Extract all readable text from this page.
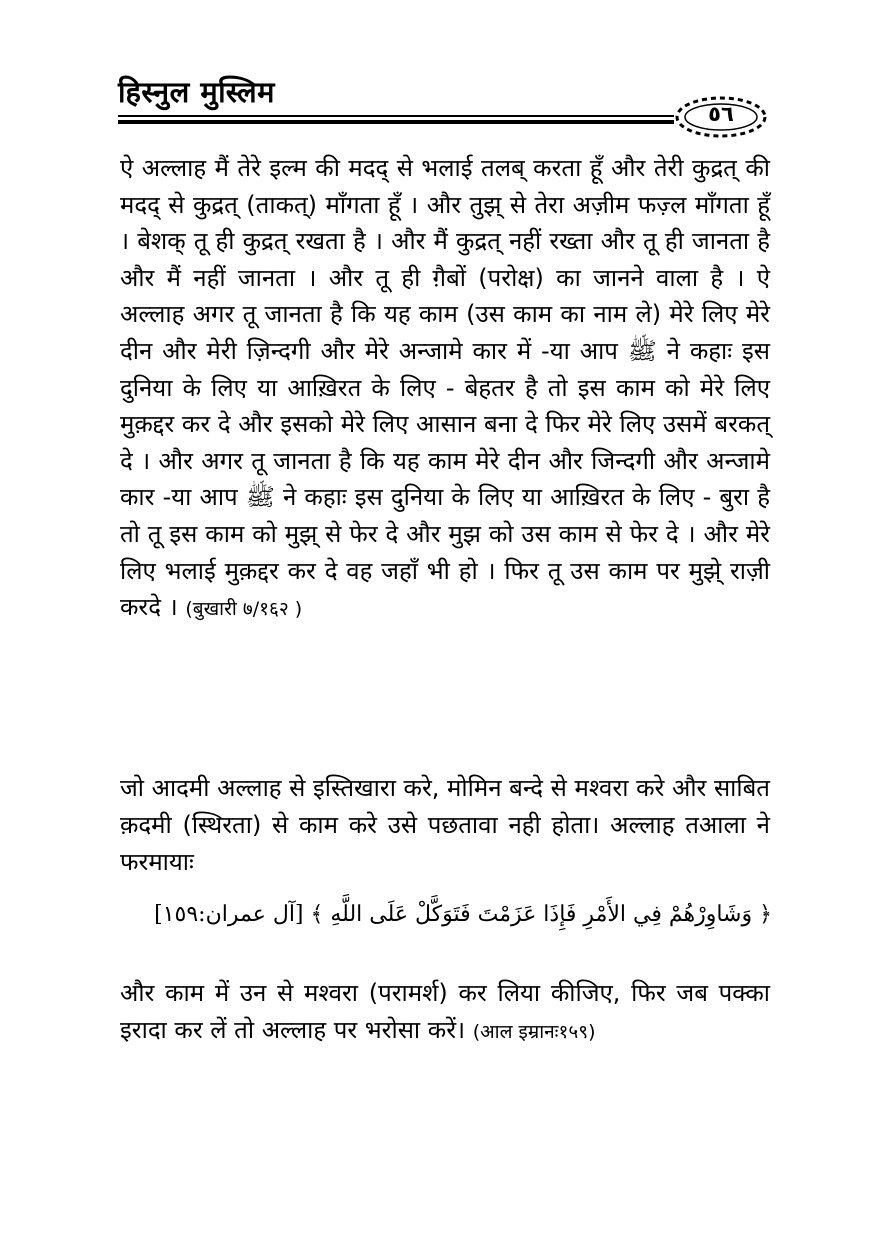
हिस्नुल मुस्लिम
٥٦

ऐ अल्लाह मैं तेरे इल्म की मदद् से भलाई तलब् करता हूँ और तेरी कुद्रत् की मदद् से कुद्रत् (ताकत्) माँगता हूँ । और तुझ् से तेरा अज़ीम फज़्ल माँगता हूँ । बेशक् तू ही कुद्रत् रखता है । और मैं कुद्रत् नहीं रख्ता और तू ही जानता है और मैं नहीं जानता । और तू ही ग़ैबों (परोक्ष) का जानने वाला है । ऐ अल्लाह अगर तू जानता है कि यह काम (उस काम का नाम ले) मेरे लिए मेरे दीन और मेरी ज़िन्दगी और मेरे अन्जामे कार में -या आप ﷺ ने कहाः इस दुनिया के लिए या आख़िरत के लिए - बेहतर है तो इस काम को मेरे लिए मुक़द्दर कर दे और इसको मेरे लिए आसान बना दे फिर मेरे लिए उसमें बरकत् दे । और अगर तू जानता है कि यह काम मेरे दीन और जिन्दगी और अन्जामे कार -या आप ﷺ ने कहाः इस दुनिया के लिए या आख़िरत के लिए - बुरा है तो तू इस काम को मुझ् से फेर दे और मुझ को उस काम से फेर दे । और मेरे लिए भलाई मुक़द्दर कर दे वह जहाँ भी हो । फिर तू उस काम पर मुझे् राज़ी करदे । (बुखारी ७/१६२ )

जो आदमी अल्लाह से इस्तिखारा करे, मोमिन बन्दे से मश्वरा करे और साबित क़दमी (स्थिरता) से काम करे उसे पछतावा नही होता। अल्लाह तआला ने फरमायाः

﴿ وَشَاوِرْهُمْ فِي الأَمْرِ فَإِذَا عَزَمْتَ فَتَوَكَّلْ عَلَى اللَّهِ ﴾ [آل عمران:١٥٩]

और काम में उन से मश्वरा (परामर्श) कर लिया कीजिए, फिर जब पक्का इरादा कर लें तो अल्लाह पर भरोसा करें। (आल इम्रानः१५९)
